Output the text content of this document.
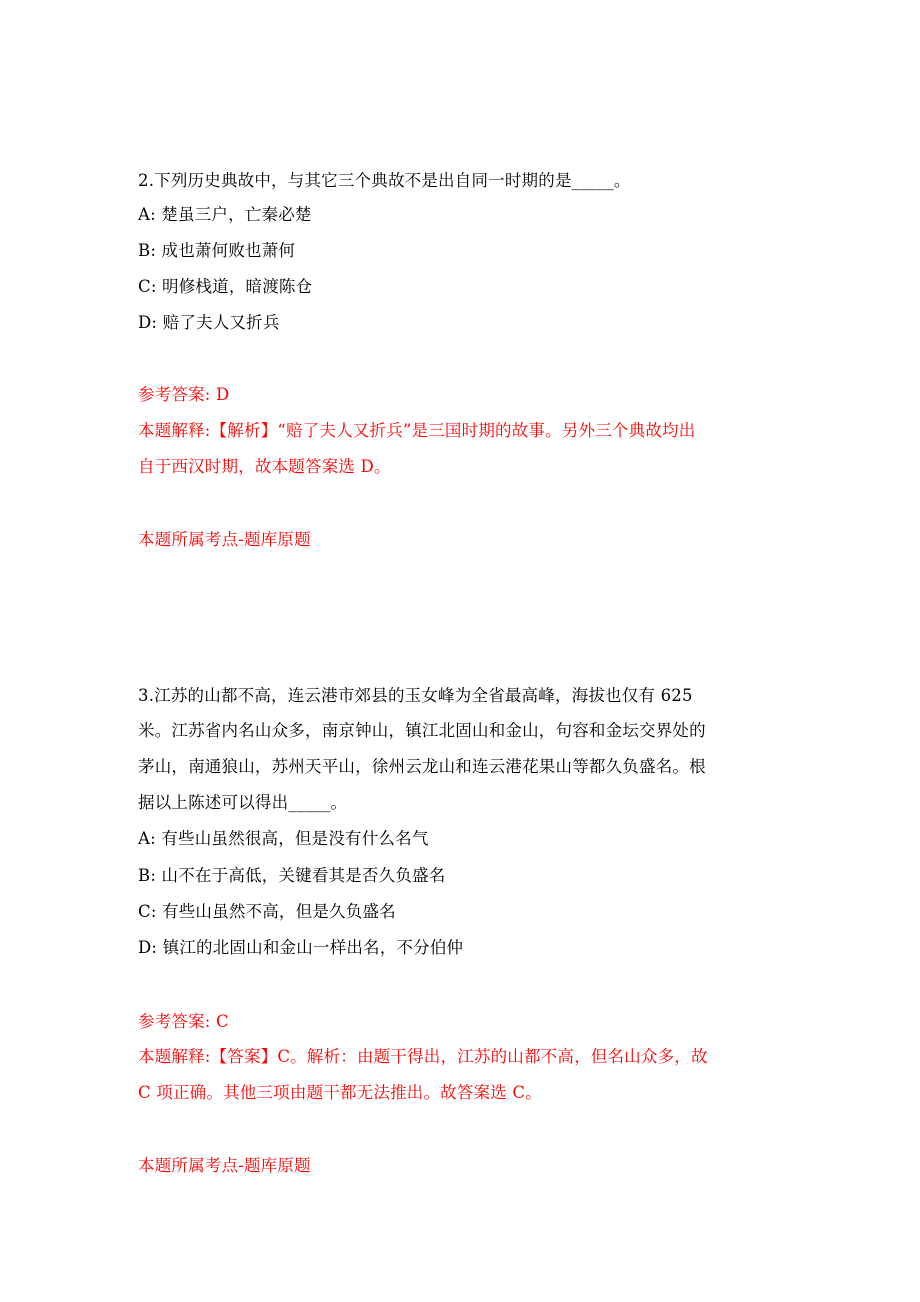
2.下列历史典故中，与其它三个典故不是出自同一时期的是_____。
A: 楚虽三户，亡秦必楚
B: 成也萧何败也萧何
C: 明修栈道，暗渡陈仓
D: 赔了夫人又折兵
参考答案: D
本题解释:【解析】“赔了夫人又折兵”是三国时期的故事。另外三个典故均出
自于西汉时期，故本题答案选 D。
本题所属考点-题库原题
3.江苏的山都不高，连云港市郊县的玉女峰为全省最高峰，海拔也仅有 625
米。江苏省内名山众多，南京钟山，镇江北固山和金山，句容和金坛交界处的
茅山，南通狼山，苏州天平山，徐州云龙山和连云港花果山等都久负盛名。根
据以上陈述可以得出_____。
A: 有些山虽然很高，但是没有什么名气
B: 山不在于高低，关键看其是否久负盛名
C: 有些山虽然不高，但是久负盛名
D: 镇江的北固山和金山一样出名，不分伯仲
参考答案: C
本题解释:【答案】C。解析：由题干得出，江苏的山都不高，但名山众多，故
C 项正确。其他三项由题干都无法推出。故答案选 C。
本题所属考点-题库原题
